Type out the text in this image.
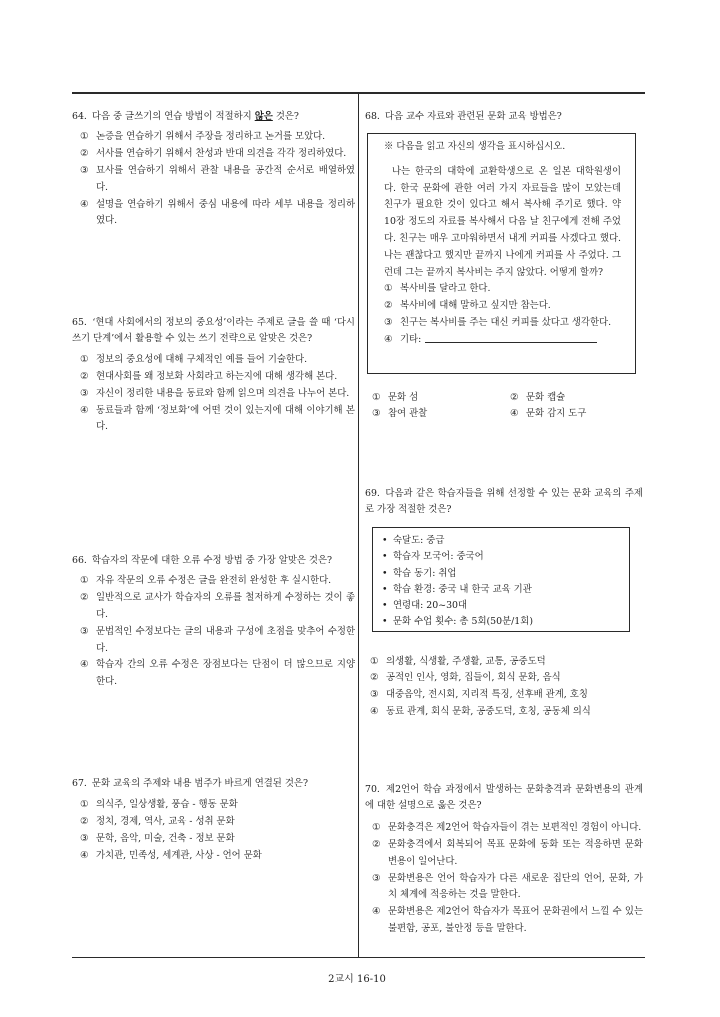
64. 다음 중 글쓰기의 연습 방법이 적절하지 않은 것은?

① 논증을 연습하기 위해서 주장을 정리하고 논거를 모았다.
② 서사를 연습하기 위해서 찬성과 반대 의견을 각각 정리하였다.
③ 묘사를 연습하기 위해서 관찰 내용을 공간적 순서로 배열하였다.
④ 설명을 연습하기 위해서 중심 내용에 따라 세부 내용을 정리하였다.

65. ‘현대 사회에서의 정보의 중요성’이라는 주제로 글을 쓸 때 ‘다시 쓰기 단계’에서 활용할 수 있는 쓰기 전략으로 알맞은 것은?

① 정보의 중요성에 대해 구체적인 예를 들어 기술한다.
② 현대사회를 왜 정보화 사회라고 하는지에 대해 생각해 본다.
③ 자신이 정리한 내용을 동료와 함께 읽으며 의견을 나누어 본다.
④ 동료들과 함께 ‘정보화’에 어떤 것이 있는지에 대해 이야기해 본다.

66. 학습자의 작문에 대한 오류 수정 방법 중 가장 알맞은 것은?

① 자유 작문의 오류 수정은 글을 완전히 완성한 후 실시한다.
② 일반적으로 교사가 학습자의 오류를 철저하게 수정하는 것이 좋다.
③ 문법적인 수정보다는 글의 내용과 구성에 초점을 맞추어 수정한다.
④ 학습자 간의 오류 수정은 장점보다는 단점이 더 많으므로 지양한다.

67. 문화 교육의 주제와 내용 범주가 바르게 연결된 것은?

① 의식주, 일상생활, 풍습 - 행동 문화
② 정치, 경제, 역사, 교육 - 성취 문화
③ 문학, 음악, 미술, 건축 - 정보 문화
④ 가치관, 민족성, 세계관, 사상 - 언어 문화

68. 다음 교수 자료와 관련된 문화 교육 방법은?

※ 다음을 읽고 자신의 생각을 표시하십시오.

나는 한국의 대학에 교환학생으로 온 일본 대학원생이다. 한국 문화에 관한 여러 가지 자료들을 많이 모았는데 친구가 필요한 것이 있다고 해서 복사해 주기로 했다. 약 10장 정도의 자료를 복사해서 다음 날 친구에게 전해 주었다. 친구는 매우 고마워하면서 내게 커피를 사겠다고 했다. 나는 괜찮다고 했지만 끝까지 나에게 커피를 사 주었다. 그런데 그는 끝까지 복사비는 주지 않았다. 어떻게 할까?

① 복사비를 달라고 한다.
② 복사비에 대해 말하고 싶지만 참는다.
③ 친구는 복사비를 주는 대신 커피를 샀다고 생각한다.
④ 기타:
① 문화 섬	② 문화 캡슐
③ 참여 관찰	④ 문화 감지 도구

69. 다음과 같은 학습자들을 위해 선정할 수 있는 문화 교육의 주제로 가장 적절한 것은?

• 숙달도: 중급
• 학습자 모국어: 중국어
• 학습 동기: 취업
• 학습 환경: 중국 내 한국 교육 기관
• 연령대: 20~30대
• 문화 수업 횟수: 총 5회(50분/1회)
① 의생활, 식생활, 주생활, 교통, 공중도덕
② 공적인 인사, 영화, 집들이, 회식 문화, 음식
③ 대중음악, 전시회, 지리적 특징, 선후배 관계, 호칭
④ 동료 관계, 회식 문화, 공중도덕, 호칭, 공동체 의식

70. 제2언어 학습 과정에서 발생하는 문화충격과 문화변용의 관계에 대한 설명으로 옳은 것은?

① 문화충격은 제2언어 학습자들이 겪는 보편적인 경험이 아니다.
② 문화충격에서 회복되어 목표 문화에 동화 또는 적응하면 문화 변용이 일어난다.
③ 문화변용은 언어 학습자가 다른 새로운 집단의 언어, 문화, 가치 체계에 적응하는 것을 말한다.
④ 문화변용은 제2언어 학습자가 목표어 문화권에서 느낄 수 있는 불편함, 공포, 불안정 등을 말한다.
2교시 16-10
